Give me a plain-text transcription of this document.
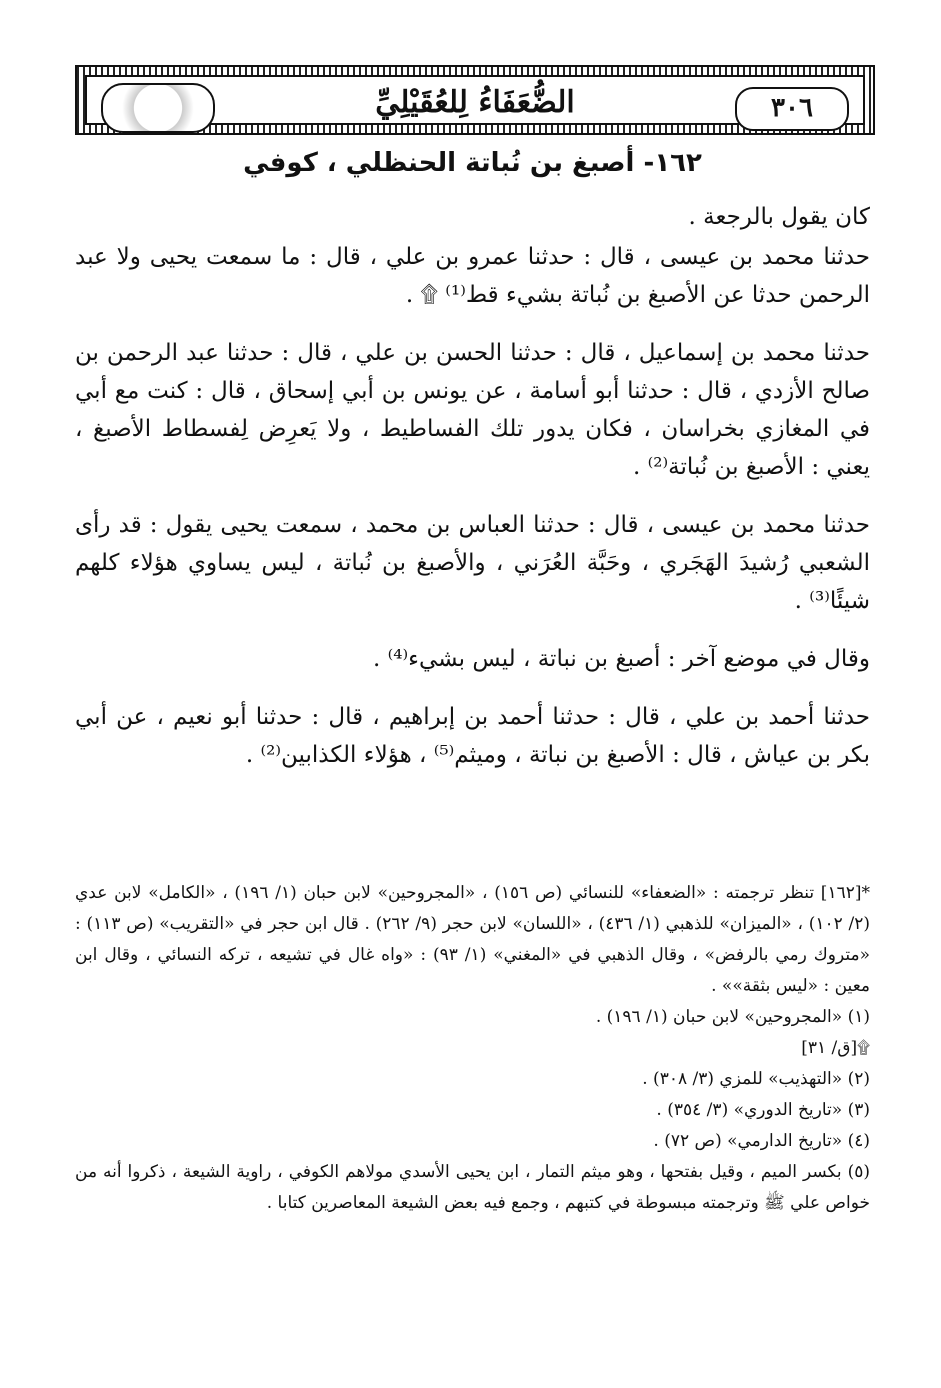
٣٠٦
الضُّعَفَاءُ لِلعُقَيْلِيِّ
١٦٢- أصبغ بن نُباتة الحنظلي ، كوفي

كان يقول بالرجعة .

حدثنا محمد بن عيسى ، قال : حدثنا عمرو بن علي ، قال : ما سمعت يحيى ولا عبد الرحمن حدثا عن الأصبغ بن نُباتة بشيء قط⁽¹⁾ ۩ .

حدثنا محمد بن إسماعيل ، قال : حدثنا الحسن بن علي ، قال : حدثنا عبد الرحمن بن صالح الأزدي ، قال : حدثنا أبو أسامة ، عن يونس بن أبي إسحاق ، قال : كنت مع أبي في المغازي بخراسان ، فكان يدور تلك الفساطيط ، ولا يَعرِض لِفسطاط الأصبغ ، يعني : الأصبغ بن نُباتة⁽²⁾ .

حدثنا محمد بن عيسى ، قال : حدثنا العباس بن محمد ، سمعت يحيى يقول : قد رأى الشعبي رُشيدَ الهَجَري ، وحَبَّة العُرَني ، والأصبغ بن نُباتة ، ليس يساوي هؤلاء كلهم شيئًا⁽³⁾ .

وقال في موضع آخر : أصبغ بن نباتة ، ليس بشيء⁽⁴⁾ .

حدثنا أحمد بن علي ، قال : حدثنا أحمد بن إبراهيم ، قال : حدثنا أبو نعيم ، عن أبي بكر بن عياش ، قال : الأصبغ بن نباتة ، وميثم⁽⁵⁾ ، هؤلاء الكذابين⁽²⁾ .

*[١٦٢] تنظر ترجمته : «الضعفاء» للنسائي (ص ١٥٦) ، «المجروحين» لابن حبان (١/ ١٩٦) ، «الكامل» لابن عدي (٢/ ١٠٢) ، «الميزان» للذهبي (١/ ٤٣٦) ، «اللسان» لابن حجر (٩/ ٢٦٢) . قال ابن حجر في «التقريب» (ص ١١٣) : «متروك رمي بالرفض» ، وقال الذهبي في «المغني» (١/ ٩٣) : «واه غال في تشيعه ، تركه النسائي ، وقال ابن معين : «ليس بثقة»» .

(١) «المجروحين» لابن حبان (١/ ١٩٦) .

۩[ق/ ٣١]

(٢) «التهذيب» للمزي (٣/ ٣٠٨) .

(٣) «تاريخ الدوري» (٣/ ٣٥٤) .

(٤) «تاريخ الدارمي» (ص ٧٢) .

(٥) بكسر الميم ، وقيل بفتحها ، وهو ميثم التمار ، ابن يحيى الأسدي مولاهم الكوفي ، راوية الشيعة ، ذكروا أنه من خواص علي ﷺ وترجمته مبسوطة في كتبهم ، وجمع فيه بعض الشيعة المعاصرين كتابا .
